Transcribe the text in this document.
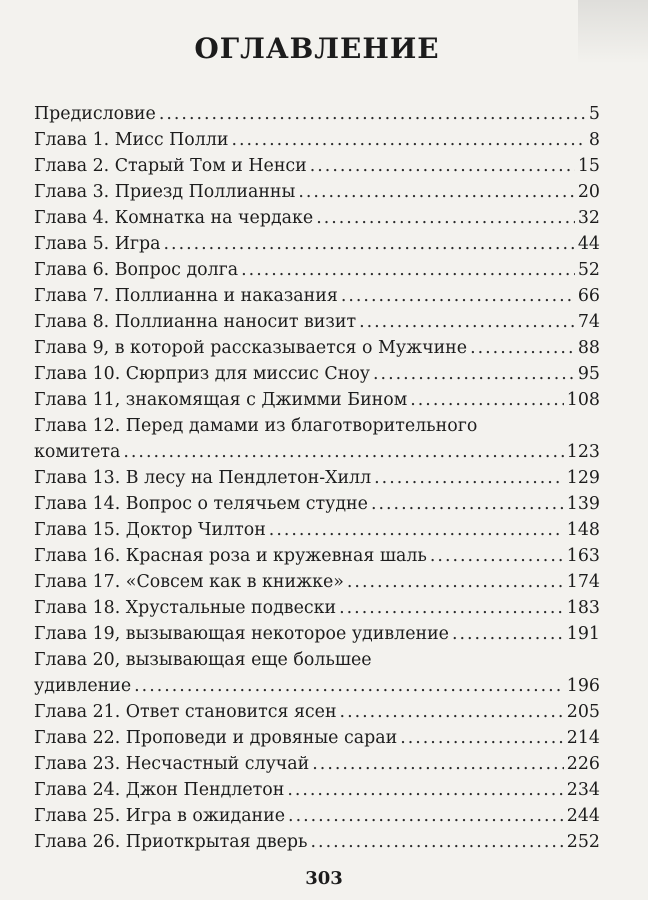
ОГЛАВЛЕНИЕ
Предисловие .....	5
Глава 1. Мисс Полли .....	8
Глава 2. Старый Том и Ненси .....	15
Глава 3. Приезд Поллианны .....	20
Глава 4. Комнатка на чердаке .....	32
Глава 5. Игра .....	44
Глава 6. Вопрос долга .....	52
Глава 7. Поллианна и наказания .....	66
Глава 8. Поллианна наносит визит .....	74
Глава 9, в которой рассказывается о Мужчине .....	88
Глава 10. Сюрприз для миссис Сноу .....	95
Глава 11, знакомящая с Джимми Бином .....	108
Глава 12. Перед дамами из благотворительного
комитета .....	123
Глава 13. В лесу на Пендлетон-Хилл .....	129
Глава 14. Вопрос о телячьем студне .....	139
Глава 15. Доктор Чилтон .....	148
Глава 16. Красная роза и кружевная шаль .....	163
Глава 17. «Совсем как в книжке» .....	174
Глава 18. Хрустальные подвески .....	183
Глава 19, вызывающая некоторое удивление .....	191
Глава 20, вызывающая еще большее
удивление .....	196
Глава 21. Ответ становится ясен .....	205
Глава 22. Проповеди и дровяные сараи .....	214
Глава 23. Несчастный случай .....	226
Глава 24. Джон Пендлетон .....	234
Глава 25. Игра в ожидание .....	244
Глава 26. Приоткрытая дверь .....	252
303
